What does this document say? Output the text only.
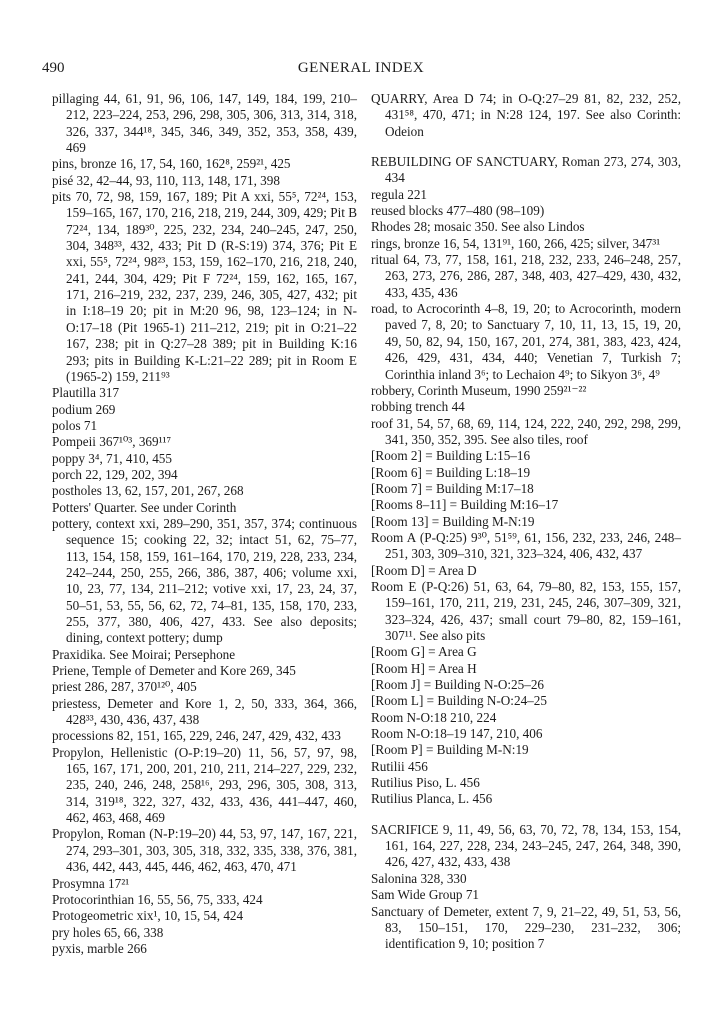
490	GENERAL INDEX

pillaging 44, 61, 91, 96, 106, 147, 149, 184, 199, 210–212, 223–224, 253, 296, 298, 305, 306, 313, 314, 318, 326, 337, 344¹⁸, 345, 346, 349, 352, 353, 358, 439, 469

pins, bronze 16, 17, 54, 160, 162⁸, 259²¹, 425

pisé 32, 42–44, 93, 110, 113, 148, 171, 398

pits 70, 72, 98, 159, 167, 189; Pit A xxi, 55⁵, 72²⁴, 153, 159–165, 167, 170, 216, 218, 219, 244, 309, 429; Pit B 72²⁴, 134, 189³⁰, 225, 232, 234, 240–245, 247, 250, 304, 348³³, 432, 433; Pit D (R-S:19) 374, 376; Pit E xxi, 55⁵, 72²⁴, 98²³, 153, 159, 162–170, 216, 218, 240, 241, 244, 304, 429; Pit F 72²⁴, 159, 162, 165, 167, 171, 216–219, 232, 237, 239, 246, 305, 427, 432; pit in I:18–19 20; pit in M:20 96, 98, 123–124; in N-O:17–18 (Pit 1965-1) 211–212, 219; pit in O:21–22 167, 238; pit in Q:27–28 389; pit in Building K:16 293; pits in Building K-L:21–22 289; pit in Room E (1965-2) 159, 211⁹³

Plautilla 317

podium 269

polos 71

Pompeii 367¹⁰³, 369¹¹⁷

poppy 3⁴, 71, 410, 455

porch 22, 129, 202, 394

postholes 13, 62, 157, 201, 267, 268

Potters' Quarter. See under Corinth

pottery, context xxi, 289–290, 351, 357, 374; continuous sequence 15; cooking 22, 32; intact 51, 62, 75–77, 113, 154, 158, 159, 161–164, 170, 219, 228, 233, 234, 242–244, 250, 255, 266, 386, 387, 406; volume xxi, 10, 23, 77, 134, 211–212; votive xxi, 17, 23, 24, 37, 50–51, 53, 55, 56, 62, 72, 74–81, 135, 158, 170, 233, 255, 377, 380, 406, 427, 433. See also deposits; dining, context pottery; dump

Praxidika. See Moirai; Persephone

Priene, Temple of Demeter and Kore 269, 345

priest 286, 287, 370¹²⁰, 405

priestess, Demeter and Kore 1, 2, 50, 333, 364, 366, 428³³, 430, 436, 437, 438

processions 82, 151, 165, 229, 246, 247, 429, 432, 433

Propylon, Hellenistic (O-P:19–20) 11, 56, 57, 97, 98, 165, 167, 171, 200, 201, 210, 211, 214–227, 229, 232, 235, 240, 246, 248, 258¹⁶, 293, 296, 305, 308, 313, 314, 319¹⁸, 322, 327, 432, 433, 436, 441–447, 460, 462, 463, 468, 469

Propylon, Roman (N-P:19–20) 44, 53, 97, 147, 167, 221, 274, 293–301, 303, 305, 318, 332, 335, 338, 376, 381, 436, 442, 443, 445, 446, 462, 463, 470, 471

Prosymna 17²¹

Protocorinthian 16, 55, 56, 75, 333, 424

Protogeometric xix¹, 10, 15, 54, 424

pry holes 65, 66, 338

pyxis, marble 266

QUARRY, Area D 74; in O-Q:27–29 81, 82, 232, 252, 431⁵⁸, 470, 471; in N:28 124, 197. See also Corinth: Odeion

REBUILDING OF SANCTUARY, Roman 273, 274, 303, 434

regula 221

reused blocks 477–480 (98–109)

Rhodes 28; mosaic 350. See also Lindos

rings, bronze 16, 54, 131⁹¹, 160, 266, 425; silver, 347³¹

ritual 64, 73, 77, 158, 161, 218, 232, 233, 246–248, 257, 263, 273, 276, 286, 287, 348, 403, 427–429, 430, 432, 433, 435, 436

road, to Acrocorinth 4–8, 19, 20; to Acrocorinth, modern paved 7, 8, 20; to Sanctuary 7, 10, 11, 13, 15, 19, 20, 49, 50, 82, 94, 150, 167, 201, 274, 381, 383, 423, 424, 426, 429, 431, 434, 440; Venetian 7, Turkish 7; Corinthia inland 3⁶; to Lechaion 4⁹; to Sikyon 3⁶, 4⁹

robbery, Corinth Museum, 1990 259²¹⁻²²

robbing trench 44

roof 31, 54, 57, 68, 69, 114, 124, 222, 240, 292, 298, 299, 341, 350, 352, 395. See also tiles, roof

[Room 2] = Building L:15–16

[Room 6] = Building L:18–19

[Room 7] = Building M:17–18

[Rooms 8–11] = Building M:16–17

[Room 13] = Building M-N:19

Room A (P-Q:25) 9³⁰, 51⁵⁹, 61, 156, 232, 233, 246, 248–251, 303, 309–310, 321, 323–324, 406, 432, 437

[Room D] = Area D

Room E (P-Q:26) 51, 63, 64, 79–80, 82, 153, 155, 157, 159–161, 170, 211, 219, 231, 245, 246, 307–309, 321, 323–324, 426, 437; small court 79–80, 82, 159–161, 307¹¹. See also pits

[Room G] = Area G

[Room H] = Area H

[Room J] = Building N-O:25–26

[Room L] = Building N-O:24–25

Room N-O:18 210, 224

Room N-O:18–19 147, 210, 406

[Room P] = Building M-N:19

Rutilii 456

Rutilius Piso, L. 456

Rutilius Planca, L. 456

SACRIFICE 9, 11, 49, 56, 63, 70, 72, 78, 134, 153, 154, 161, 164, 227, 228, 234, 243–245, 247, 264, 348, 390, 426, 427, 432, 433, 438

Salonina 328, 330

Sam Wide Group 71

Sanctuary of Demeter, extent 7, 9, 21–22, 49, 51, 53, 56, 83, 150–151, 170, 229–230, 231–232, 306; identification 9, 10; position 7
